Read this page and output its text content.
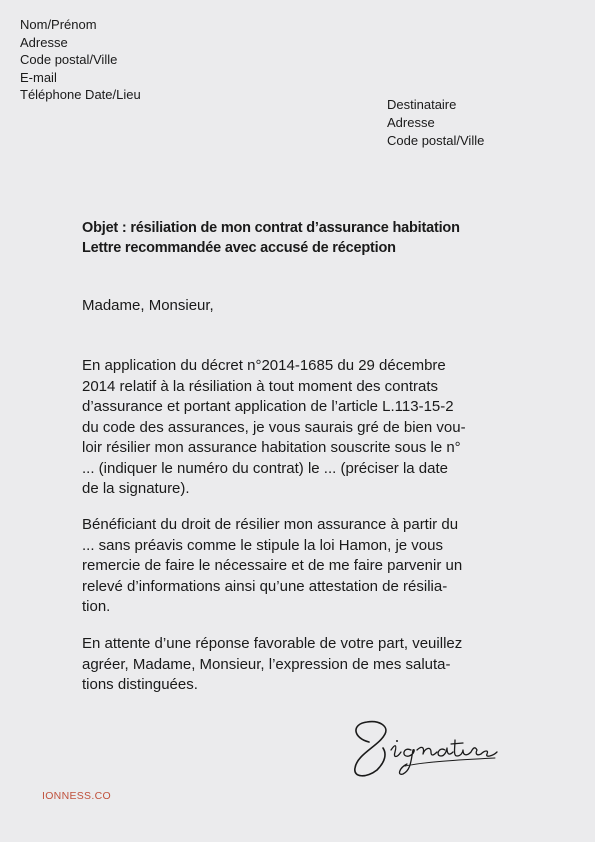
Nom/Prénom
Adresse
Code postal/Ville
E-mail
Téléphone Date/Lieu
Destinataire
Adresse
Code postal/Ville
Objet : résiliation de mon contrat d’assurance habitation
Lettre recommandée avec accusé de réception
Madame, Monsieur,
En application du décret n°2014-1685 du 29 décembre
2014 relatif à la résiliation à tout moment des contrats
d’assurance et portant application de l’article L.113-15-2
du code des assurances, je vous saurais gré de bien vou-
loir résilier mon assurance habitation souscrite sous le n°
... (indiquer le numéro du contrat) le ... (préciser la date
de la signature).
Bénéficiant du droit de résilier mon assurance à partir du
... sans préavis comme le stipule la loi Hamon, je vous
remercie de faire le nécessaire et de me faire parvenir un
relevé d’informations ainsi qu’une attestation de résilia-
tion.
En attente d’une réponse favorable de votre part, veuillez
agréer, Madame, Monsieur, l’expression de mes saluta-
tions distinguées.
IONNESS.CO
